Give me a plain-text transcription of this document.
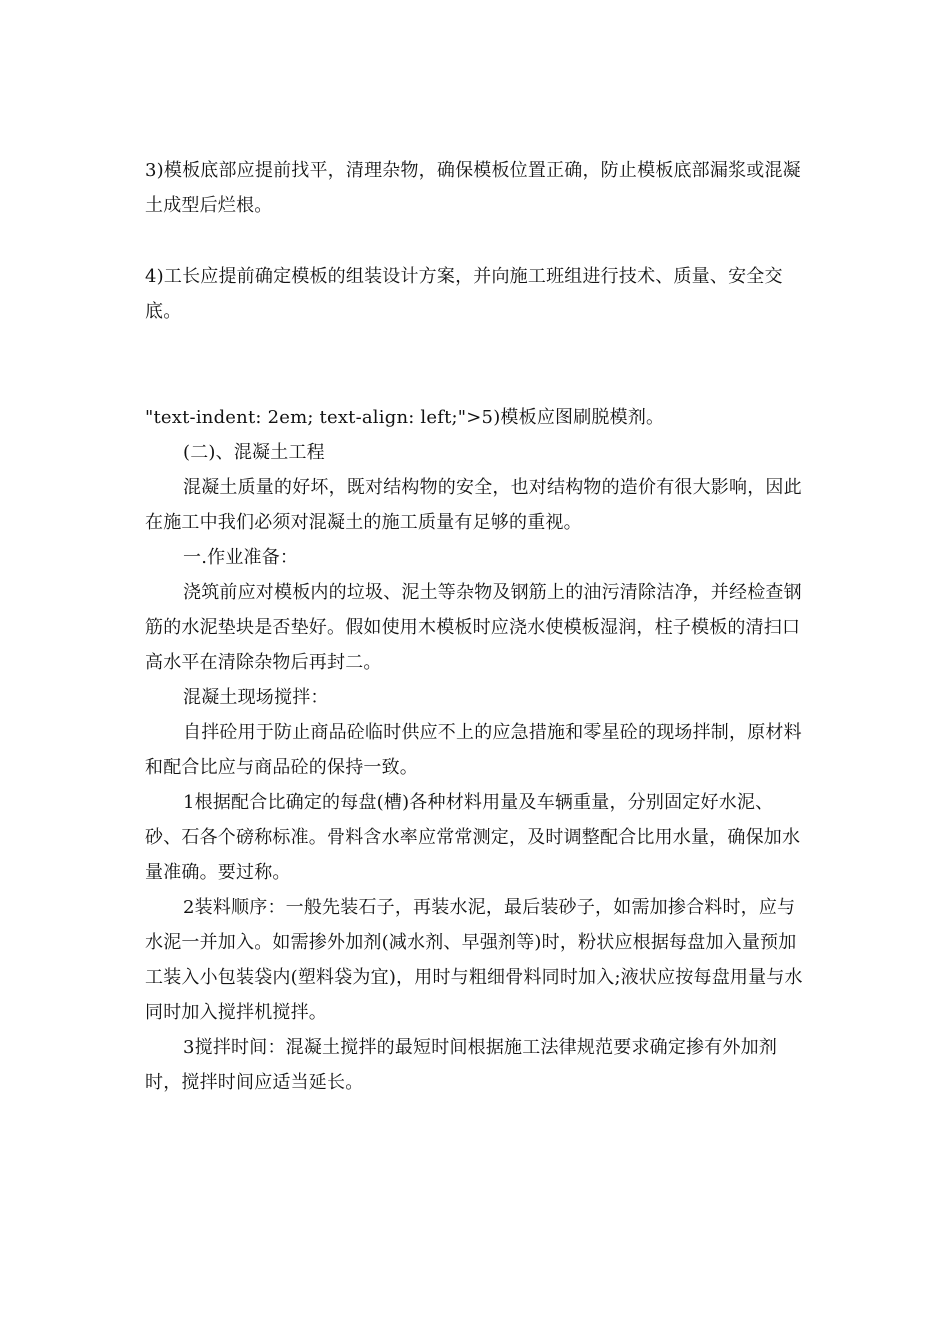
3)模板底部应提前找平，清理杂物，确保模板位置正确，防止模板底部漏浆或混凝土成型后烂根。

4)工长应提前确定模板的组装设计方案，并向施工班组进行技术、质量、安全交底。

"text-indent: 2em; text-align: left;">5)模板应图刷脱模剂。

(二)、混凝土工程

混凝土质量的好坏，既对结构物的安全，也对结构物的造价有很大影响，因此在施工中我们必须对混凝土的施工质量有足够的重视。

一.作业准备：

浇筑前应对模板内的垃圾、泥土等杂物及钢筋上的油污清除洁净，并经检查钢筋的水泥垫块是否垫好。假如使用木模板时应浇水使模板湿润，柱子模板的清扫口高水平在清除杂物后再封二。

混凝土现场搅拌：

自拌砼用于防止商品砼临时供应不上的应急措施和零星砼的现场拌制，原材料和配合比应与商品砼的保持一致。

1根据配合比确定的每盘(槽)各种材料用量及车辆重量，分别固定好水泥、砂、石各个磅称标准。骨料含水率应常常测定，及时调整配合比用水量，确保加水量准确。要过称。

2装料顺序：一般先装石子，再装水泥，最后装砂子，如需加掺合料时，应与水泥一并加入。如需掺外加剂(减水剂、早强剂等)时，粉状应根据每盘加入量预加工装入小包装袋内(塑料袋为宜)，用时与粗细骨料同时加入;液状应按每盘用量与水同时加入搅拌机搅拌。

3搅拌时间：混凝土搅拌的最短时间根据施工法律规范要求确定掺有外加剂时，搅拌时间应适当延长。
